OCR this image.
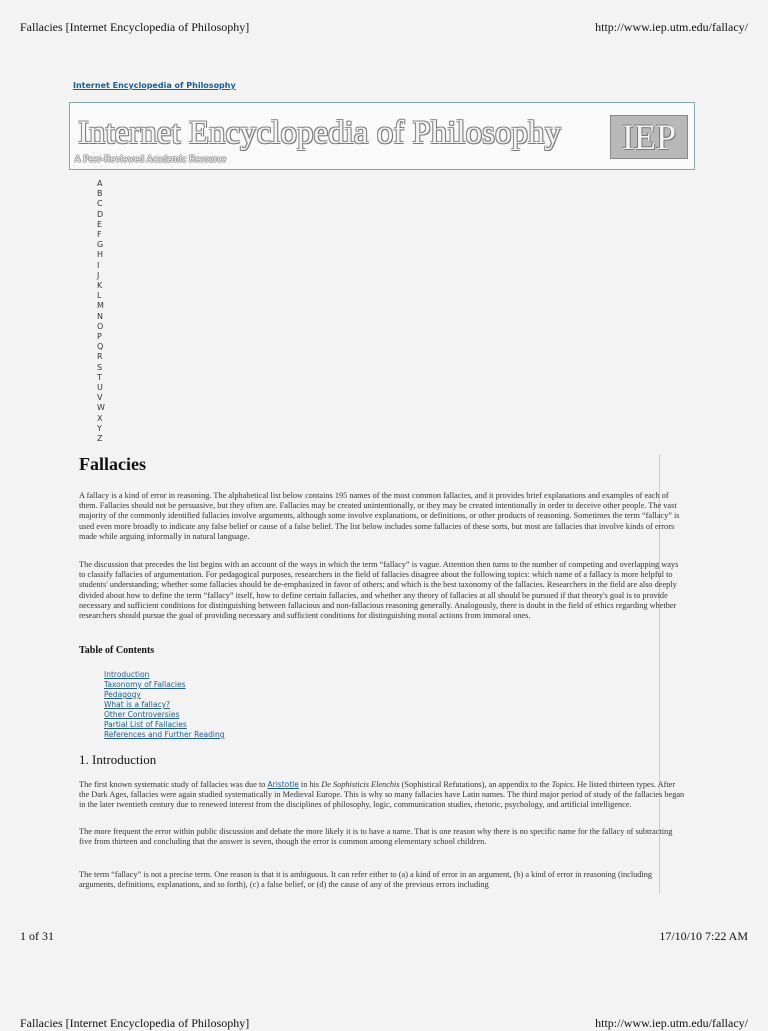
Fallacies [Internet Encyclopedia of Philosophy]	http://www.iep.utm.edu/fallacy/
Internet Encyclopedia of Philosophy
Internet Encyclopedia of Philosophy
A Peer-Reviewed Academic Resource
IEP
A
B
C
D
E
F
G
H
I
J
K
L
M
N
O
P
Q
R
S
T
U
V
W
X
Y
Z
Fallacies

A fallacy is a kind of error in reasoning. The alphabetical list below contains 195 names of the most common fallacies, and it provides brief explanations and examples of each of them. Fallacies should not be persuasive, but they often are. Fallacies may be created unintentionally, or they may be created intentionally in order to deceive other people. The vast majority of the commonly identified fallacies involve arguments, although some involve explanations, or definitions, or other products of reasoning. Sometimes the term “fallacy” is used even more broadly to indicate any false belief or cause of a false belief. The list below includes some fallacies of these sorts, but most are fallacies that involve kinds of errors made while arguing informally in natural language.

The discussion that precedes the list begins with an account of the ways in which the term “fallacy” is vague. Attention then turns to the number of competing and overlapping ways to classify fallacies of argumentation. For pedagogical purposes, researchers in the field of fallacies disagree about the following topics: which name of a fallacy is more helpful to students' understanding; whether some fallacies should be de-emphasized in favor of others; and which is the best taxonomy of the fallacies. Researchers in the field are also deeply divided about how to define the term “fallacy” itself, how to define certain fallacies, and whether any theory of fallacies at all should be pursued if that theory's goal is to provide necessary and sufficient conditions for distinguishing between fallacious and non-fallacious reasoning generally. Analogously, there is doubt in the field of ethics regarding whether researchers should pursue the goal of providing necessary and sufficient conditions for distinguishing moral actions from immoral ones.

Table of Contents
Introduction
Taxonomy of Fallacies
Pedagogy
What is a fallacy?
Other Controversies
Partial List of Fallacies
References and Further Reading
1. Introduction

The first known systematic study of fallacies was due to Aristotle in his De Sophisticis Elenchis (Sophistical Refutations), an appendix to the Topics. He listed thirteen types. After the Dark Ages, fallacies were again studied systematically in Medieval Europe. This is why so many fallacies have Latin names. The third major period of study of the fallacies began in the later twentieth century due to renewed interest from the disciplines of philosophy, logic, communication studies, rhetoric, psychology, and artificial intelligence.

The more frequent the error within public discussion and debate the more likely it is to have a name. That is one reason why there is no specific name for the fallacy of subtracting five from thirteen and concluding that the answer is seven, though the error is common among elementary school children.

The term “fallacy” is not a precise term. One reason is that it is ambiguous. It can refer either to (a) a kind of error in an argument, (b) a kind of error in reasoning (including arguments, definitions, explanations, and so forth), (c) a false belief, or (d) the cause of any of the previous errors including

1 of 31	17/10/10 7:22 AM
Fallacies [Internet Encyclopedia of Philosophy]	http://www.iep.utm.edu/fallacy/
